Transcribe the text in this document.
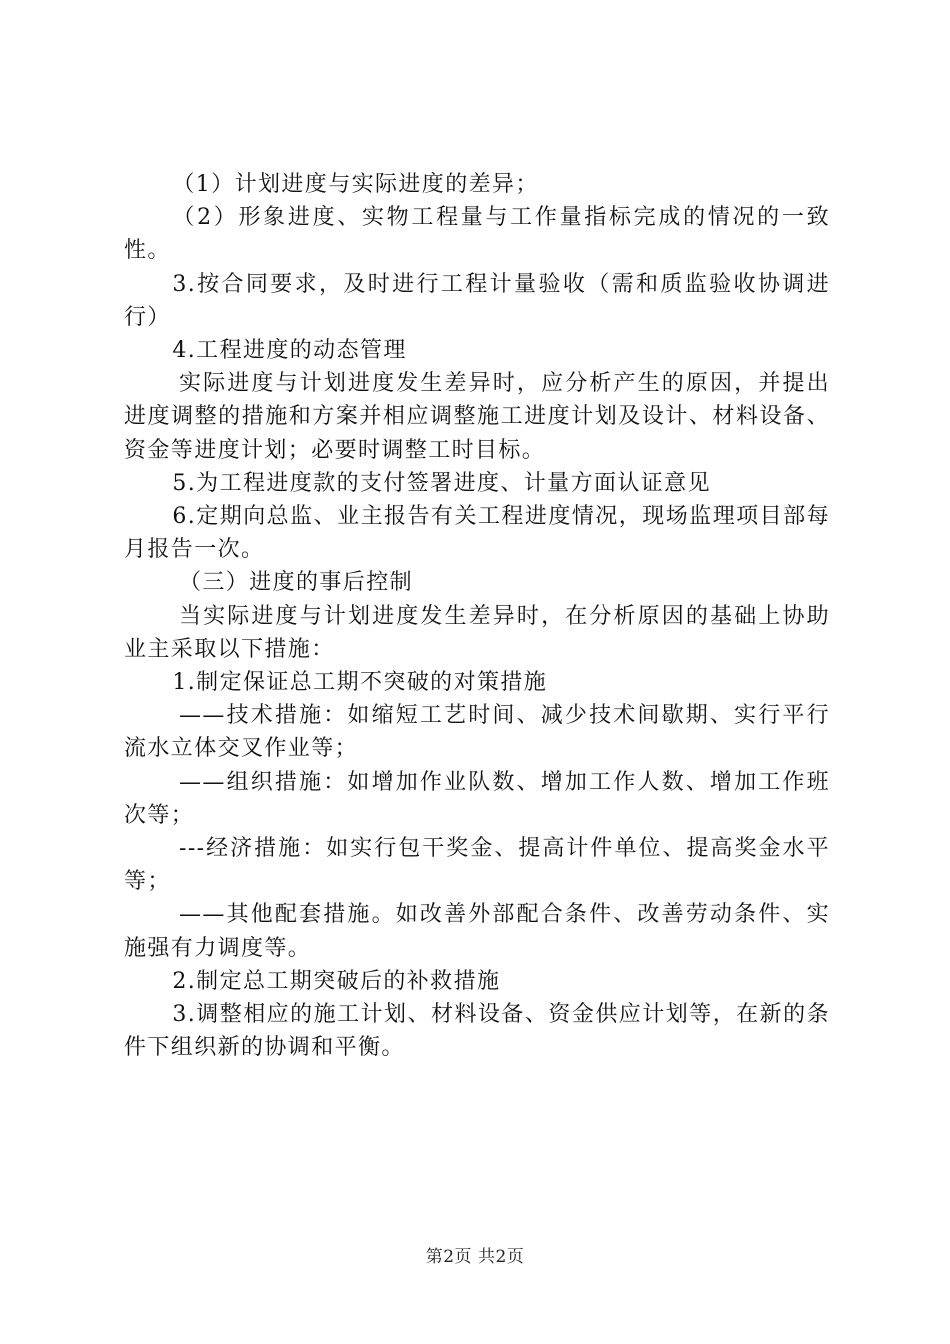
（1）计划进度与实际进度的差异；

（2）形象进度、实物工程量与工作量指标完成的情况的一致性。

3.按合同要求，及时进行工程计量验收（需和质监验收协调进行）

4.工程进度的动态管理

实际进度与计划进度发生差异时，应分析产生的原因，并提出进度调整的措施和方案并相应调整施工进度计划及设计、材料设备、资金等进度计划；必要时调整工时目标。

5.为工程进度款的支付签署进度、计量方面认证意见

6.定期向总监、业主报告有关工程进度情况，现场监理项目部每月报告一次。

（三）进度的事后控制

当实际进度与计划进度发生差异时，在分析原因的基础上协助业主采取以下措施：

1.制定保证总工期不突破的对策措施

——技术措施：如缩短工艺时间、减少技术间歇期、实行平行流水立体交叉作业等；

——组织措施：如增加作业队数、增加工作人数、增加工作班次等；

---经济措施：如实行包干奖金、提高计件单位、提高奖金水平等；

——其他配套措施。如改善外部配合条件、改善劳动条件、实施强有力调度等。

2.制定总工期突破后的补救措施

3.调整相应的施工计划、材料设备、资金供应计划等，在新的条件下组织新的协调和平衡。

第2页 共2页
